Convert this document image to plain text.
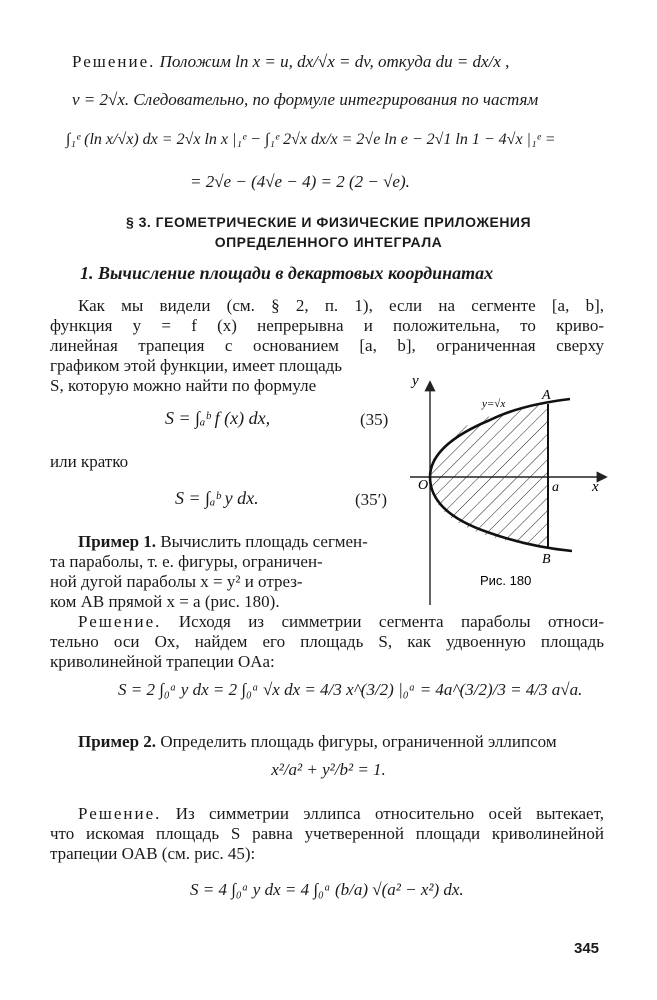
Решение. Положим ln x = u, dx/√x = dv, откуда du = dx/x ,
v = 2√x. Следовательно, по формуле интегрирования по частям
∫₁ᵉ (ln x/√x) dx = 2√x ln x |₁ᵉ − ∫₁ᵉ 2√x dx/x = 2√e ln e − 2√1 ln 1 − 4√x |₁ᵉ =
= 2√e − (4√e − 4) = 2 (2 − √e).
§ 3. ГЕОМЕТРИЧЕСКИЕ И ФИЗИЧЕСКИЕ ПРИЛОЖЕНИЯ
ОПРЕДЕЛЕННОГО ИНТЕГРАЛА
1. Вычисление площади в декартовых координатах
Как мы видели (см. § 2, п. 1), если на сегменте [a, b],
функция y = f (x) непрерывна и положительна, то криво-
линейная трапеция с основанием [a, b], ограниченная сверху
графиком этой функции, имеет площадь
S, которую можно найти по формуле
S = ∫ₐᵇ f (x) dx,	(35)
или кратко
S = ∫ₐᵇ y dx.	(35′)
Пример 1. Вычислить площадь сегмен-
та параболы, т. е. фигуры, ограничен-
ной дугой параболы x = y² и отрез-
ком AB прямой x = a (рис. 180).
y
x
O	a
A
B
y=√x
Рис. 180
Решение. Исходя из симметрии сегмента параболы относи-
тельно оси Ox, найдем его площадь S, как удвоенную площадь
криволинейной трапеции OAa:
S = 2 ∫₀ᵃ y dx = 2 ∫₀ᵃ √x dx = 4/3 x^(3/2) |₀ᵃ = 4a^(3/2)/3 = 4/3 a√a.
Пример 2. Определить площадь фигуры, ограниченной эллипсом
x²/a² + y²/b² = 1.
Решение. Из симметрии эллипса относительно осей вытекает,
что искомая площадь S равна учетверенной площади криволинейной
трапеции OAB (см. рис. 45):
S = 4 ∫₀ᵃ y dx = 4 ∫₀ᵃ (b/a) √(a² − x²) dx.
345
